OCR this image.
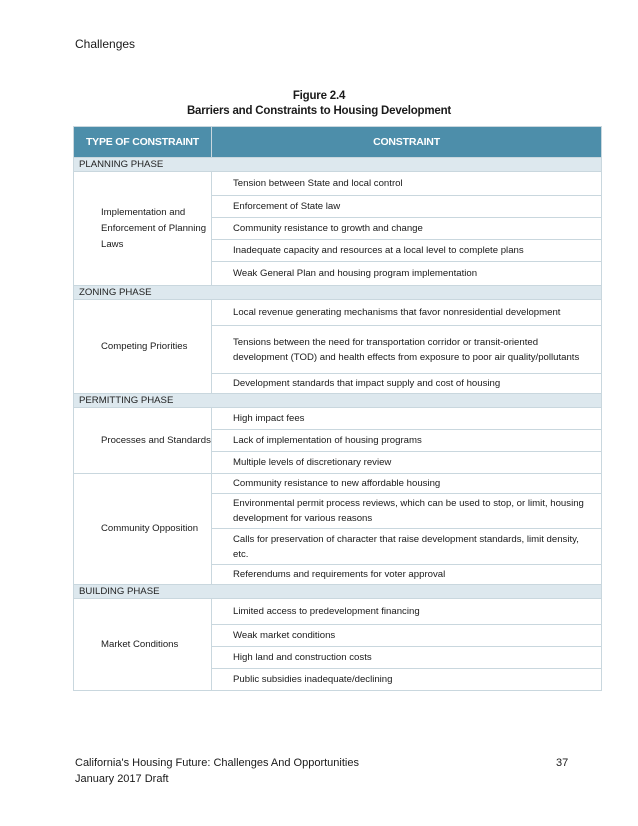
Challenges
Figure 2.4
Barriers and Constraints to Housing Development
TYPE OF CONSTRAINT	CONSTRAINT
PLANNING PHASE	
Implementation and Enforcement of Planning Laws	Tension between State and local control
	Enforcement of State law
	Community resistance to growth and change
	Inadequate capacity and resources at a local level to complete plans
	Weak General Plan and housing program implementation
ZONING PHASE	
Competing Priorities	Local revenue generating mechanisms that favor nonresidential development
	Tensions between the need for transportation corridor or transit-oriented development (TOD) and health effects from exposure to poor air quality/pollutants
	Development standards that impact supply and cost of housing
PERMITTING PHASE	
Processes and Standards	High impact fees
	Lack of implementation of housing programs
	Multiple levels of discretionary review
Community Opposition	Community resistance to new affordable housing
	Environmental permit process reviews, which can be used to stop, or limit, housing development for various reasons
	Calls for preservation of character that raise development standards, limit density, etc.
	Referendums and requirements for voter approval
BUILDING PHASE	
Market Conditions	Limited access to predevelopment financing
	Weak market conditions
	High land and construction costs
	Public subsidies inadequate/declining
California's Housing Future: Challenges And Opportunities
January 2017 Draft
37
